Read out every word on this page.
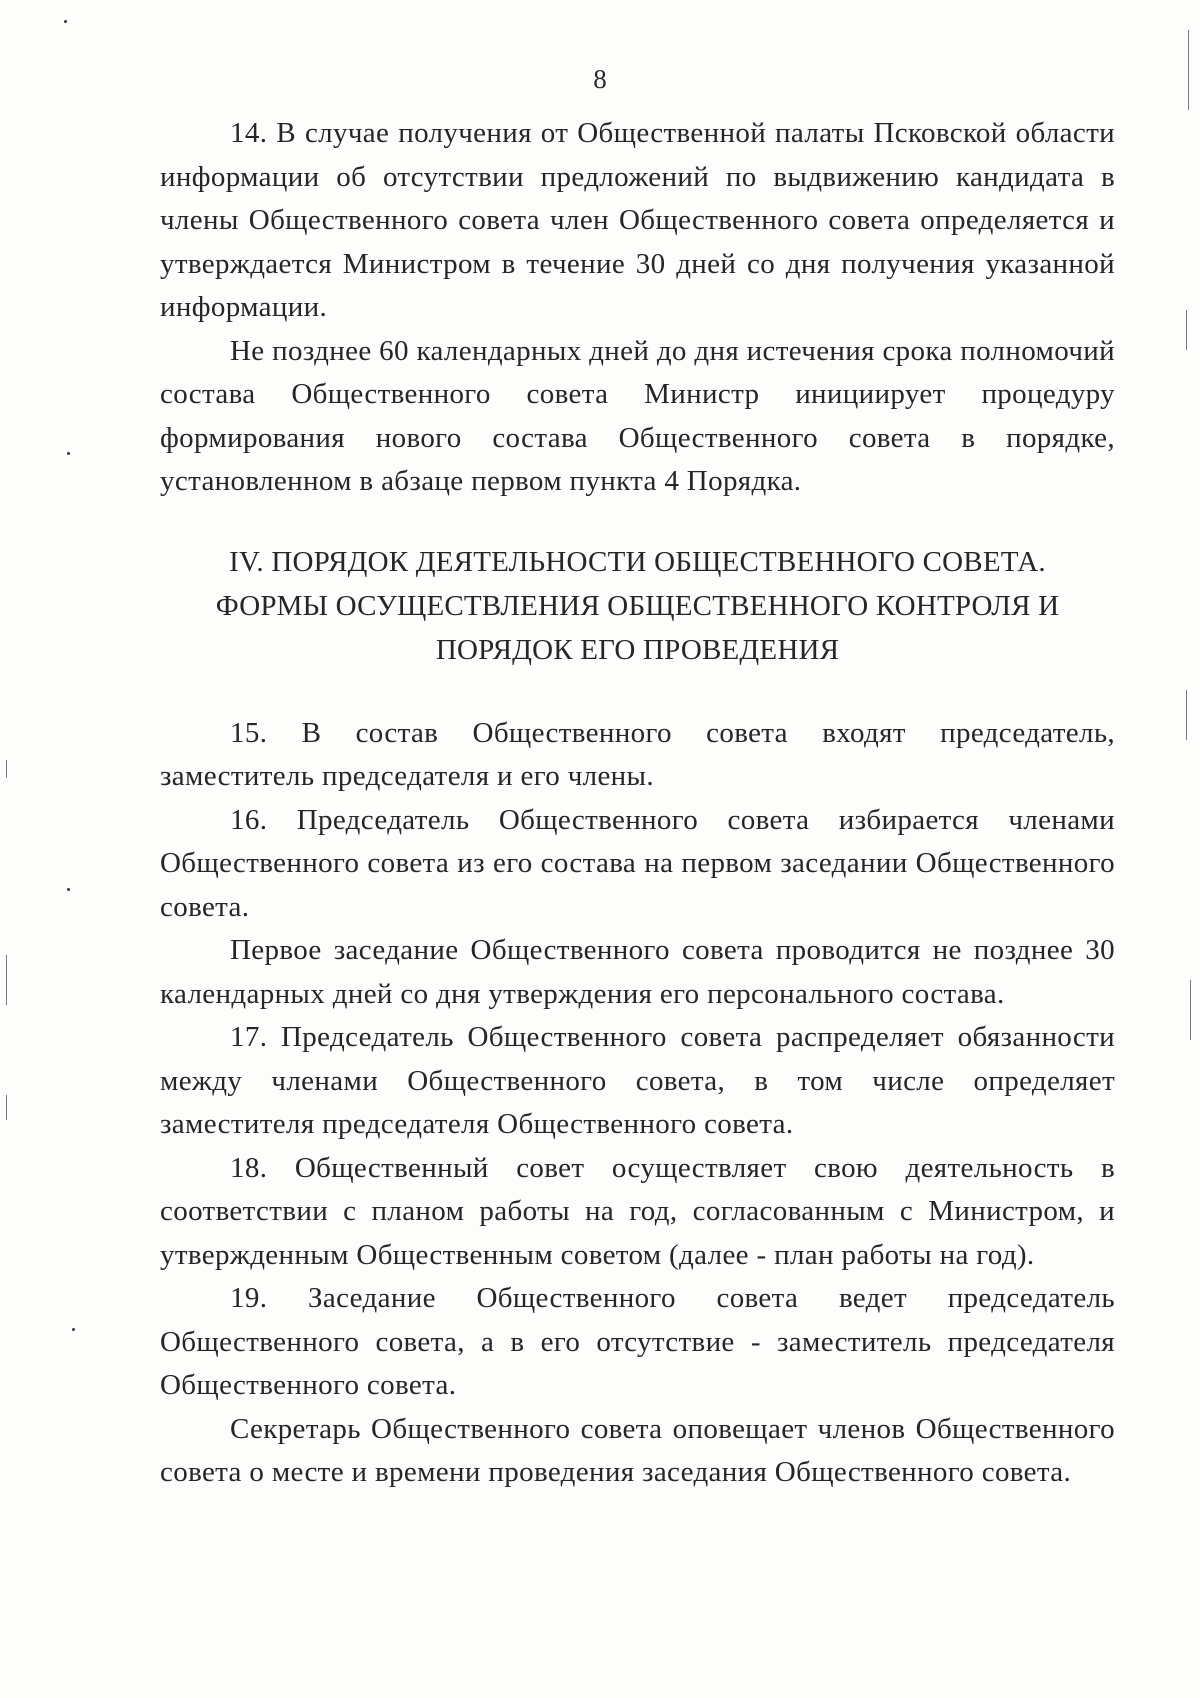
8

14. В случае получения от Общественной палаты Псковской области информации об отсутствии предложений по выдвижению кандидата в члены Общественного совета член Общественного совета определяется и утверждается Министром в течение 30 дней со дня получения указанной информации.

Не позднее 60 календарных дней до дня истечения срока полномочий состава Общественного совета Министр инициирует процедуру формирования нового состава Общественного совета в порядке, установленном в абзаце первом пункта 4 Порядка.

IV. ПОРЯДОК ДЕЯТЕЛЬНОСТИ ОБЩЕСТВЕННОГО СОВЕТА.
ФОРМЫ ОСУЩЕСТВЛЕНИЯ ОБЩЕСТВЕННОГО КОНТРОЛЯ И
ПОРЯДОК ЕГО ПРОВЕДЕНИЯ

15. В состав Общественного совета входят председатель, заместитель председателя и его члены.

16. Председатель Общественного совета избирается членами Общественного совета из его состава на первом заседании Общественного совета.

Первое заседание Общественного совета проводится не позднее 30 календарных дней со дня утверждения его персонального состава.

17. Председатель Общественного совета распределяет обязанности между членами Общественного совета, в том числе определяет заместителя председателя Общественного совета.

18. Общественный совет осуществляет свою деятельность в соответствии с планом работы на год, согласованным с Министром, и утвержденным Общественным советом (далее - план работы на год).

19. Заседание Общественного совета ведет председатель Общественного совета, а в его отсутствие - заместитель председателя Общественного совета.

Секретарь Общественного совета оповещает членов Общественного совета о месте и времени проведения заседания Общественного совета.
